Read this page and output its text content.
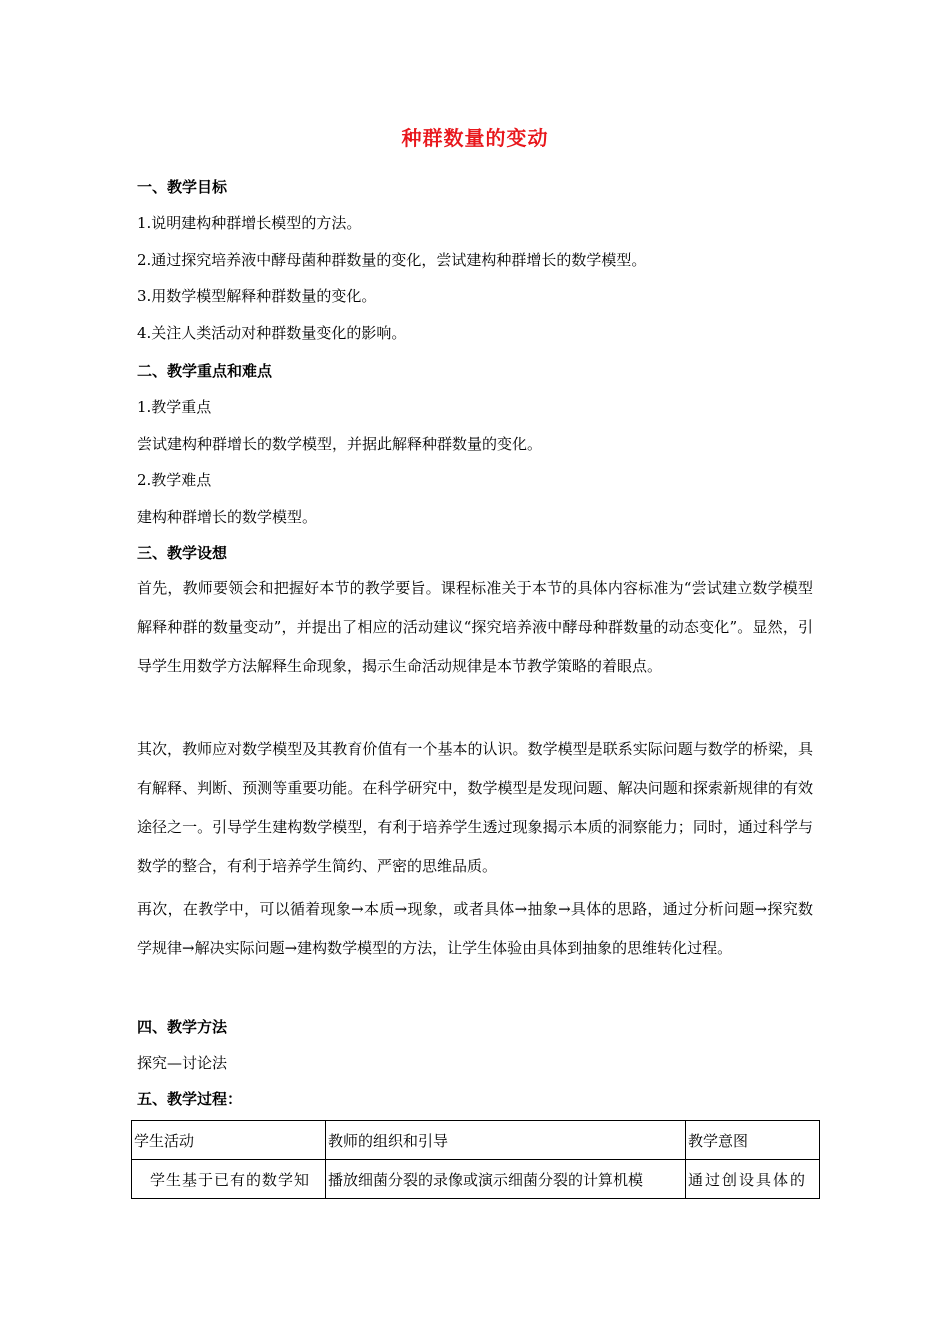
种群数量的变动
一、教学目标
1.说明建构种群增长模型的方法。
2.通过探究培养液中酵母菌种群数量的变化，尝试建构种群增长的数学模型。
3.用数学模型解释种群数量的变化。
4.关注人类活动对种群数量变化的影响。
二、教学重点和难点
1.教学重点
尝试建构种群增长的数学模型，并据此解释种群数量的变化。
2.教学难点
建构种群增长的数学模型。
三、教学设想

首先，教师要领会和把握好本节的教学要旨。课程标准关于本节的具体内容标准为“尝试建立数学模型解释种群的数量变动”，并提出了相应的活动建议“探究培养液中酵母种群数量的动态变化”。显然，引导学生用数学方法解释生命现象，揭示生命活动规律是本节教学策略的着眼点。

其次，教师应对数学模型及其教育价值有一个基本的认识。数学模型是联系实际问题与数学的桥梁，具有解释、判断、预测等重要功能。在科学研究中，数学模型是发现问题、解决问题和探索新规律的有效途径之一。引导学生建构数学模型，有利于培养学生透过现象揭示本质的洞察能力；同时，通过科学与数学的整合，有利于培养学生简约、严密的思维品质。

再次，在教学中，可以循着现象→本质→现象，或者具体→抽象→具体的思路，通过分析问题→探究数学规律→解决实际问题→建构数学模型的方法，让学生体验由具体到抽象的思维转化过程。

四、教学方法
探究—讨论法
五、教学过程：
学生活动	教师的组织和引导	教学意图
学生基于已有的数学知	播放细菌分裂的录像或演示细菌分裂的计算机模	通过创设具体的
